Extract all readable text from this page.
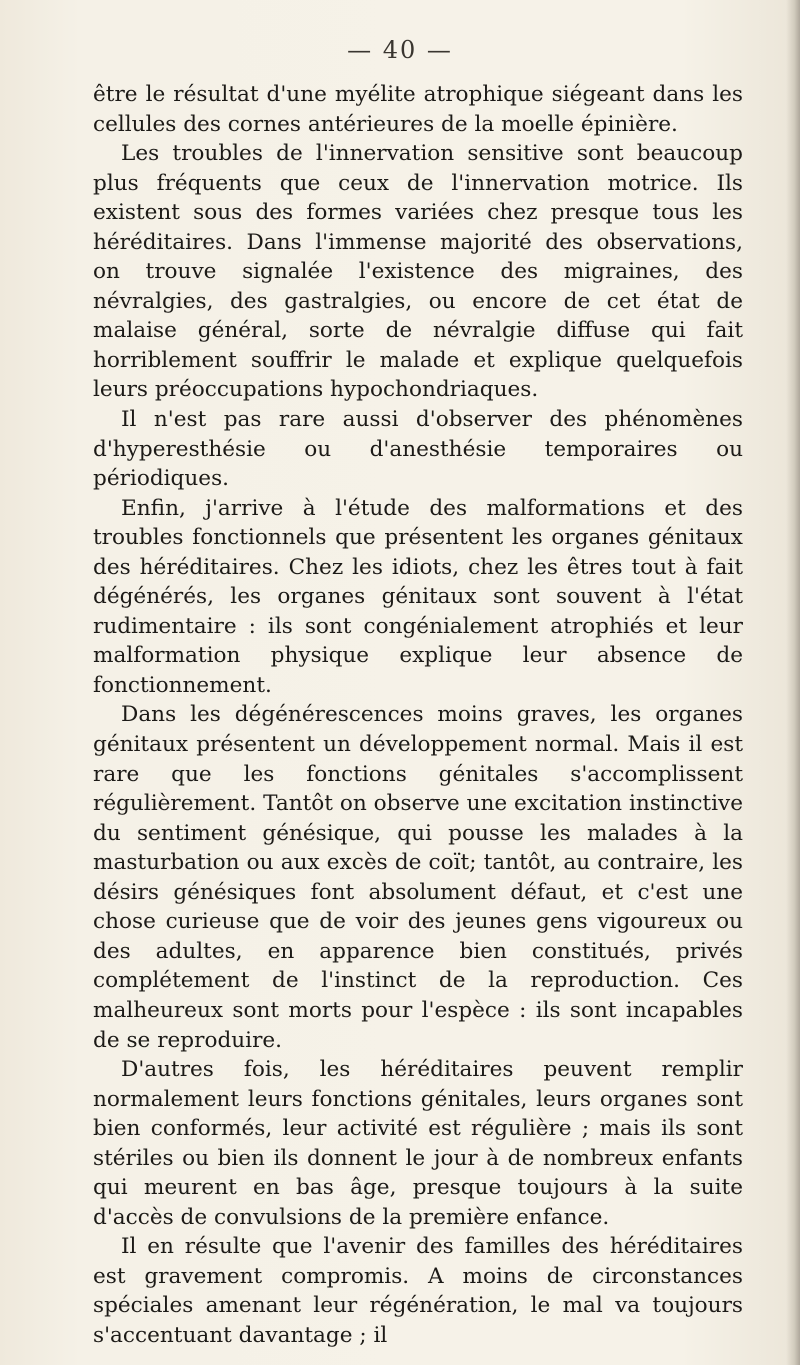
— 40 —

être le résultat d'une myélite atrophique siégeant dans les cellules des cornes antérieures de la moelle épinière.

Les troubles de l'innervation sensitive sont beaucoup plus fréquents que ceux de l'innervation motrice. Ils existent sous des formes variées chez presque tous les héréditaires. Dans l'immense majorité des observations, on trouve signalée l'existence des migraines, des névralgies, des gastralgies, ou encore de cet état de malaise général, sorte de névralgie diffuse qui fait horriblement souffrir le malade et explique quelquefois leurs préoccupations hypochondriaques.

Il n'est pas rare aussi d'observer des phénomènes d'hyperesthésie ou d'anesthésie temporaires ou périodiques.

Enfin, j'arrive à l'étude des malformations et des troubles fonctionnels que présentent les organes génitaux des héréditaires. Chez les idiots, chez les êtres tout à fait dégénérés, les organes génitaux sont souvent à l'état rudimentaire : ils sont congénialement atrophiés et leur malformation physique explique leur absence de fonctionnement.

Dans les dégénérescences moins graves, les organes génitaux présentent un développement normal. Mais il est rare que les fonctions génitales s'accomplissent régulièrement. Tantôt on observe une excitation instinctive du sentiment génésique, qui pousse les malades à la masturbation ou aux excès de coït; tantôt, au contraire, les désirs génésiques font absolument défaut, et c'est une chose curieuse que de voir des jeunes gens vigoureux ou des adultes, en apparence bien constitués, privés complétement de l'instinct de la reproduction. Ces malheureux sont morts pour l'espèce : ils sont incapables de se reproduire.

D'autres fois, les héréditaires peuvent remplir normalement leurs fonctions génitales, leurs organes sont bien conformés, leur activité est régulière ; mais ils sont stériles ou bien ils donnent le jour à de nombreux enfants qui meurent en bas âge, presque toujours à la suite d'accès de convulsions de la première enfance.

Il en résulte que l'avenir des familles des héréditaires est gravement compromis. A moins de circonstances spéciales amenant leur régénération, le mal va toujours s'accentuant davantage ; il
